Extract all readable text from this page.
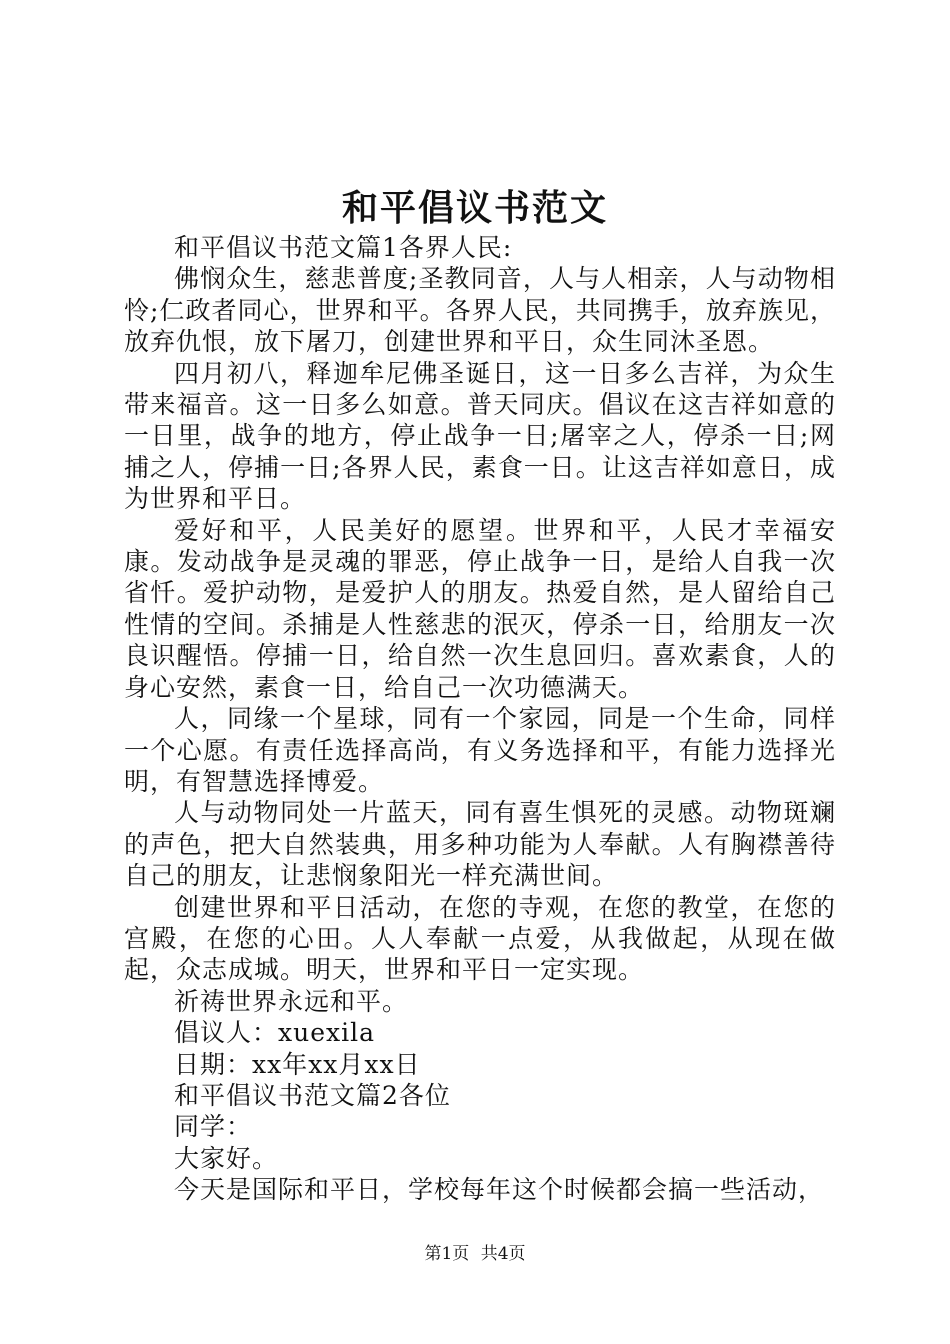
和平倡议书范文

和平倡议书范文篇1各界人民:

佛悯众生，慈悲普度;圣教同音，人与人相亲，人与动物相怜;仁政者同心，世界和平。各界人民，共同携手，放弃族见，放弃仇恨，放下屠刀，创建世界和平日，众生同沐圣恩。

四月初八，释迦牟尼佛圣诞日，这一日多么吉祥，为众生带来福音。这一日多么如意。普天同庆。倡议在这吉祥如意的一日里，战争的地方，停止战争一日;屠宰之人，停杀一日;网捕之人，停捕一日;各界人民，素食一日。让这吉祥如意日，成为世界和平日。

爱好和平，人民美好的愿望。世界和平，人民才幸福安康。发动战争是灵魂的罪恶，停止战争一日，是给人自我一次省忏。爱护动物，是爱护人的朋友。热爱自然，是人留给自己性情的空间。杀捕是人性慈悲的泯灭，停杀一日，给朋友一次良识醒悟。停捕一日，给自然一次生息回归。喜欢素食，人的身心安然，素食一日，给自己一次功德满天。

人，同缘一个星球，同有一个家园，同是一个生命，同样一个心愿。有责任选择高尚，有义务选择和平，有能力选择光明，有智慧选择博爱。

人与动物同处一片蓝天，同有喜生惧死的灵感。动物斑斓的声色，把大自然装典，用多种功能为人奉献。人有胸襟善待自己的朋友，让悲悯象阳光一样充满世间。

创建世界和平日活动，在您的寺观，在您的教堂，在您的宫殿，在您的心田。人人奉献一点爱，从我做起，从现在做起，众志成城。明天，世界和平日一定实现。

祈祷世界永远和平。

倡议人：xuexila

日期：xx年xx月xx日

和平倡议书范文篇2各位

同学：

大家好。

今天是国际和平日，学校每年这个时候都会搞一些活动，

第1页 共4页
